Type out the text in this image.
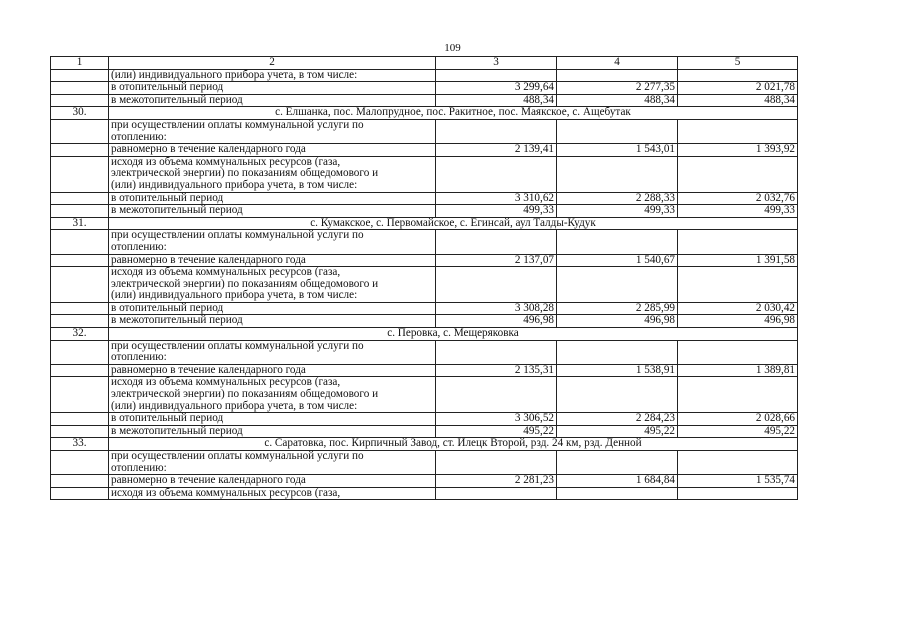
109
1	2	3	4	5
	(или) индивидуального прибора учета, в том числе:			
	в отопительный период	3 299,64	2 277,35	2 021,78
	в межотопительный период	488,34	488,34	488,34
30.	с. Елшанка, пос. Малопрудное, пос. Ракитное, пос. Маякское, с. Ащебутак			
	при осуществлении оплаты коммунальной услуги по
отоплению:			
	равномерно в течение календарного года	2 139,41	1 543,01	1 393,92
	исходя из объема коммунальных ресурсов (газа,
электрической энергии) по показаниям общедомового и
(или) индивидуального прибора учета, в том числе:			
	в отопительный период	3 310,62	2 288,33	2 032,76
	в межотопительный период	499,33	499,33	499,33
31.	с. Кумакское, с. Первомайское, с. Егинсай, аул Талды-Кудук			
	при осуществлении оплаты коммунальной услуги по
отоплению:			
	равномерно в течение календарного года	2 137,07	1 540,67	1 391,58
	исходя из объема коммунальных ресурсов (газа,
электрической энергии) по показаниям общедомового и
(или) индивидуального прибора учета, в том числе:			
	в отопительный период	3 308,28	2 285,99	2 030,42
	в межотопительный период	496,98	496,98	496,98
32.	с. Перовка, с. Мещеряковка			
	при осуществлении оплаты коммунальной услуги по
отоплению:			
	равномерно в течение календарного года	2 135,31	1 538,91	1 389,81
	исходя из объема коммунальных ресурсов (газа,
электрической энергии) по показаниям общедомового и
(или) индивидуального прибора учета, в том числе:			
	в отопительный период	3 306,52	2 284,23	2 028,66
	в межотопительный период	495,22	495,22	495,22
33.	с. Саратовка, пос. Кирпичный Завод, ст. Илецк Второй, рзд. 24 км, рзд. Денной			
	при осуществлении оплаты коммунальной услуги по
отоплению:			
	равномерно в течение календарного года	2 281,23	1 684,84	1 535,74
	исходя из объема коммунальных ресурсов (газа,			
